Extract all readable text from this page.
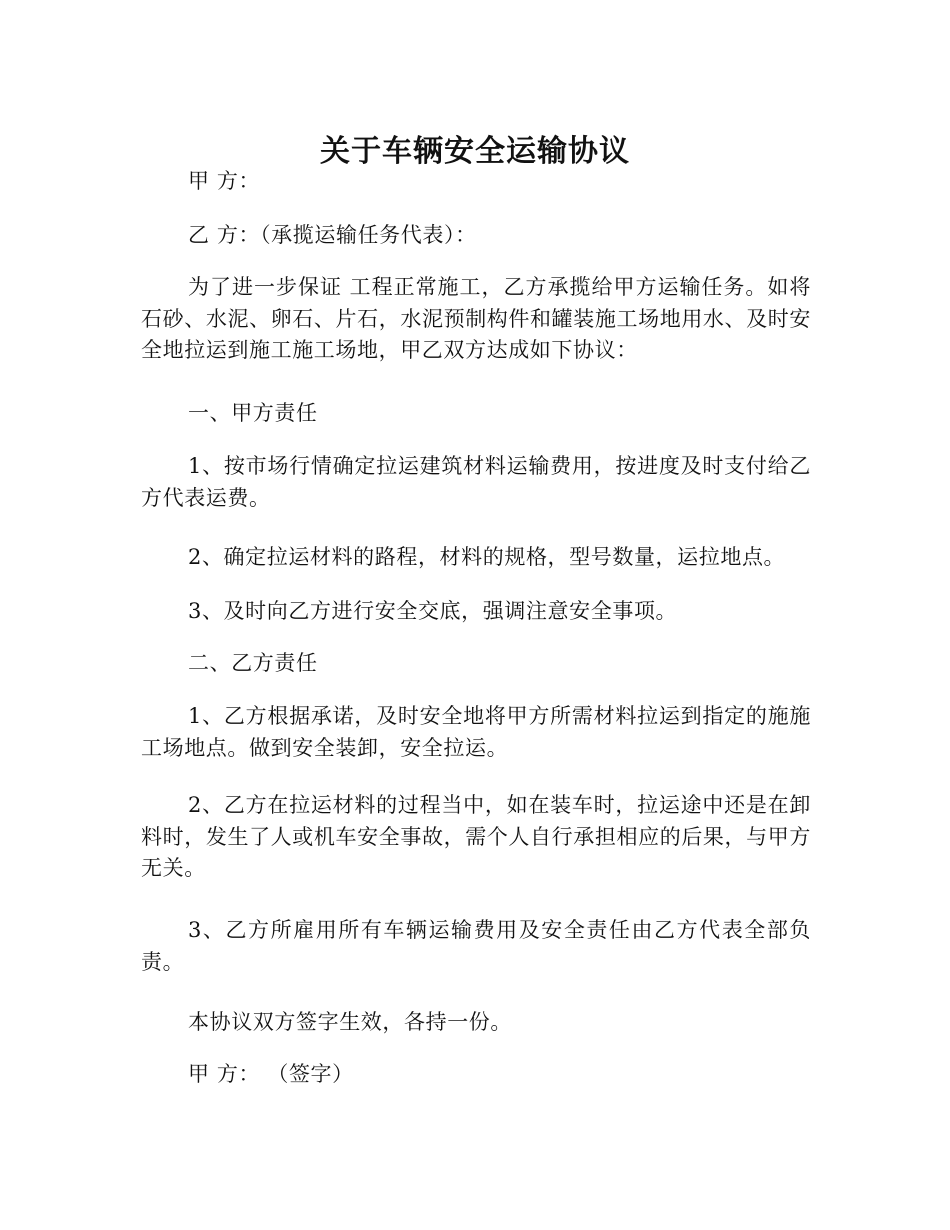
关于车辆安全运输协议

甲 方：

乙 方：（承揽运输任务代表）：

为了进一步保证 工程正常施工，乙方承揽给甲方运输任务。如将石砂、水泥、卵石、片石，水泥预制构件和罐装施工场地用水、及时安全地拉运到施工施工场地，甲乙双方达成如下协议：

一、甲方责任

1、按市场行情确定拉运建筑材料运输费用，按进度及时支付给乙方代表运费。

2、确定拉运材料的路程，材料的规格，型号数量，运拉地点。

3、及时向乙方进行安全交底，强调注意安全事项。

二、乙方责任

1、乙方根据承诺，及时安全地将甲方所需材料拉运到指定的施施工场地点。做到安全装卸，安全拉运。

2、乙方在拉运材料的过程当中，如在装车时，拉运途中还是在卸料时，发生了人或机车安全事故，需个人自行承担相应的后果，与甲方无关。

3、乙方所雇用所有车辆运输费用及安全责任由乙方代表全部负责。

本协议双方签字生效，各持一份。

甲 方： （签字）
